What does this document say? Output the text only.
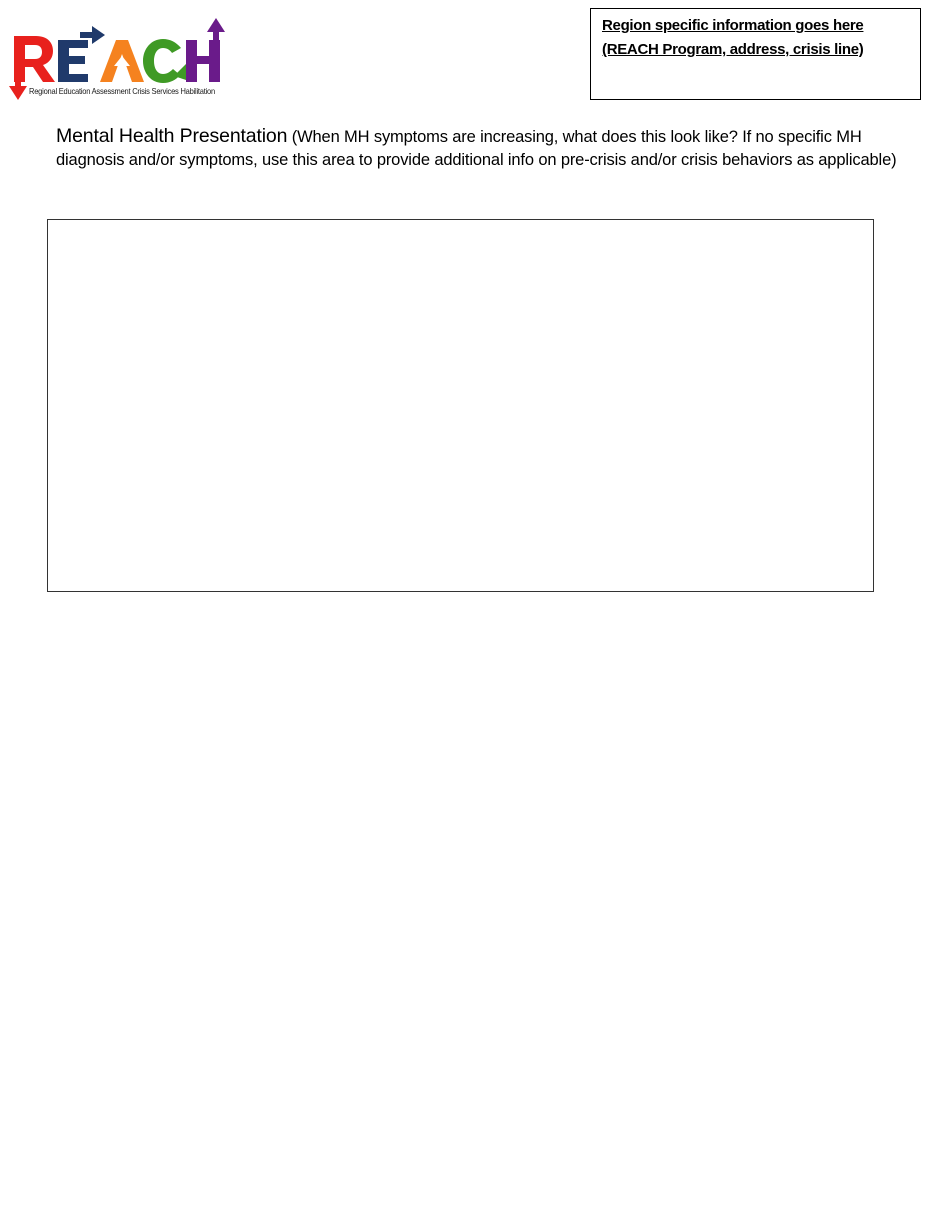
Regional Education Assessment Crisis Services Habilitation
Region specific information goes here
(REACH Program, address, crisis line)
Mental Health Presentation (When MH symptoms are increasing, what does this look like? If no specific MH diagnosis and/or symptoms, use this area to provide additional info on pre-crisis and/or crisis behaviors as applicable)
